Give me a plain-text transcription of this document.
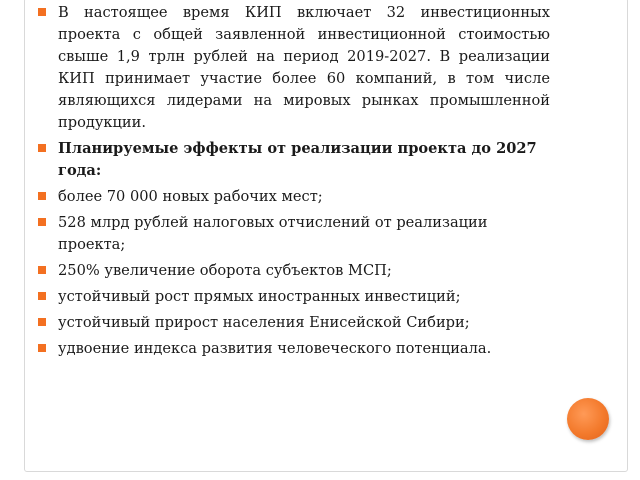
В настоящее время КИП включает 32 инвестиционных проекта с общей заявленной инвестиционной стоимостью свыше 1,9 трлн рублей на период 2019-2027. В реализации КИП принимает участие более 60 компаний, в том числе являющихся лидерами на мировых рынках промышленной продукции.
Планируемые эффекты от реализации проекта до 2027 года:
более 70 000 новых рабочих мест;
528 млрд рублей налоговых отчислений от реализации проекта;
250% увеличение оборота субъектов МСП;
устойчивый рост прямых иностранных инвестиций;
устойчивый прирост населения Енисейской Сибири;
удвоение индекса развития человеческого потенциала.
